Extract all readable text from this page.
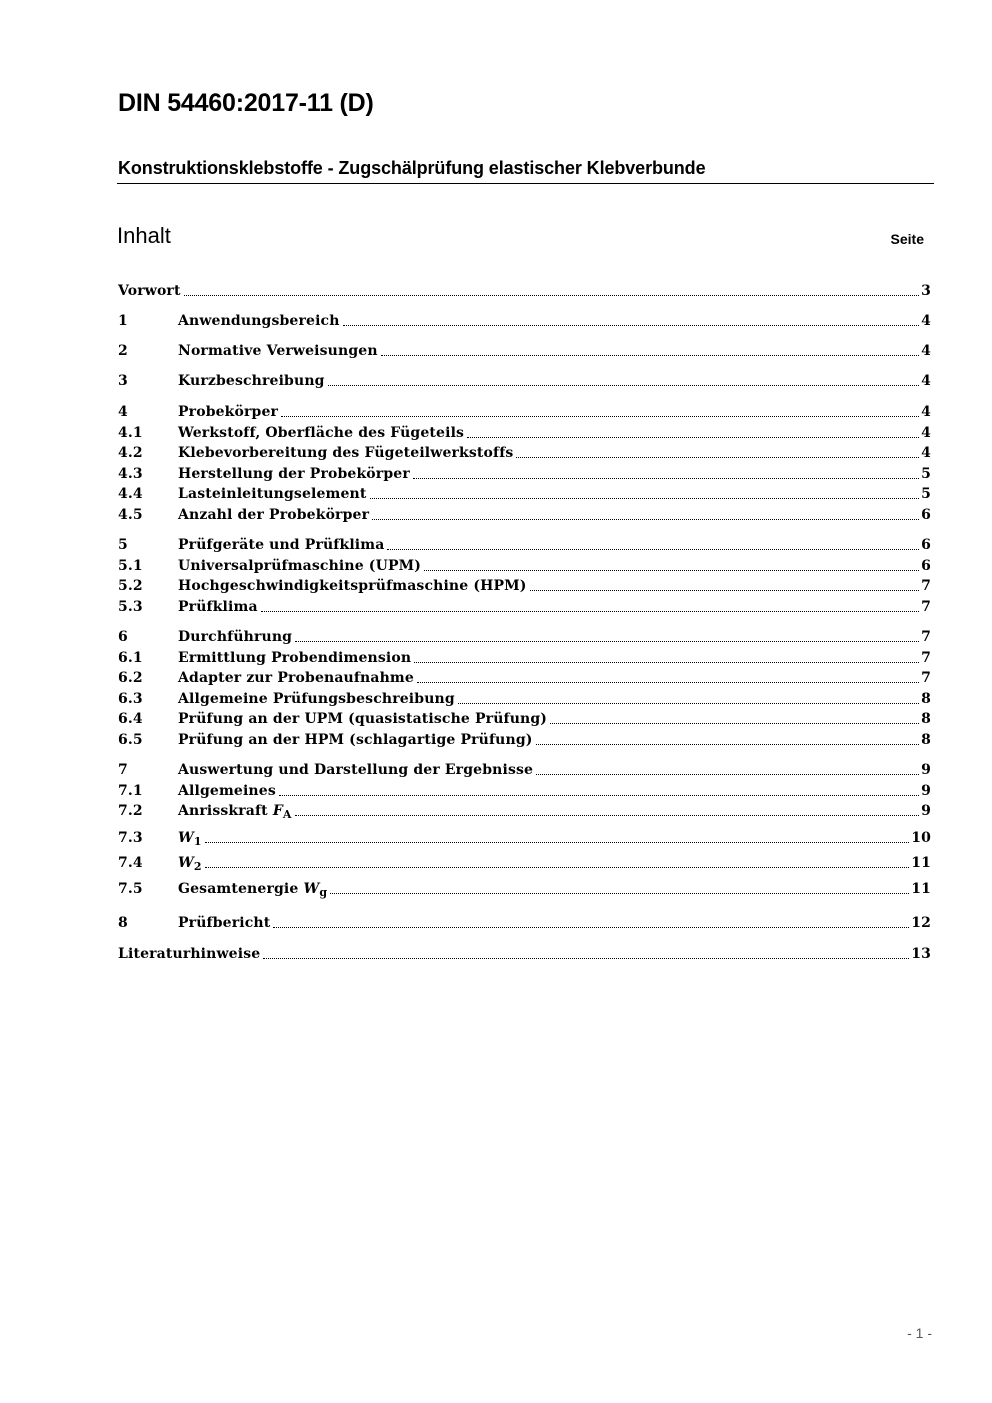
DIN 54460:2017-11 (D)
Konstruktionsklebstoffe - Zugschälprüfung elastischer Klebverbunde
Inhalt	Seite
Vorwort	3
1	Anwendungsbereich	4
2	Normative Verweisungen	4
3	Kurzbeschreibung	4
4	Probekörper	4
4.1	Werkstoff, Oberfläche des Fügeteils	4
4.2	Klebevorbereitung des Fügeteilwerkstoffs	4
4.3	Herstellung der Probekörper	5
4.4	Lasteinleitungselement	5
4.5	Anzahl der Probekörper	6
5	Prüfgeräte und Prüfklima	6
5.1	Universalprüfmaschine (UPM)	6
5.2	Hochgeschwindigkeitsprüfmaschine (HPM)	7
5.3	Prüfklima	7
6	Durchführung	7
6.1	Ermittlung Probendimension	7
6.2	Adapter zur Probenaufnahme	7
6.3	Allgemeine Prüfungsbeschreibung	8
6.4	Prüfung an der UPM (quasistatische Prüfung)	8
6.5	Prüfung an der HPM (schlagartige Prüfung)	8
7	Auswertung und Darstellung der Ergebnisse	9
7.1	Allgemeines	9
7.2	Anrisskraft $F_A$	9
7.3	$W_1$	10
7.4	$W_2$	11
7.5	Gesamtenergie $W_g$	11
8	Prüfbericht	12
Literaturhinweise	13
- 1 -
